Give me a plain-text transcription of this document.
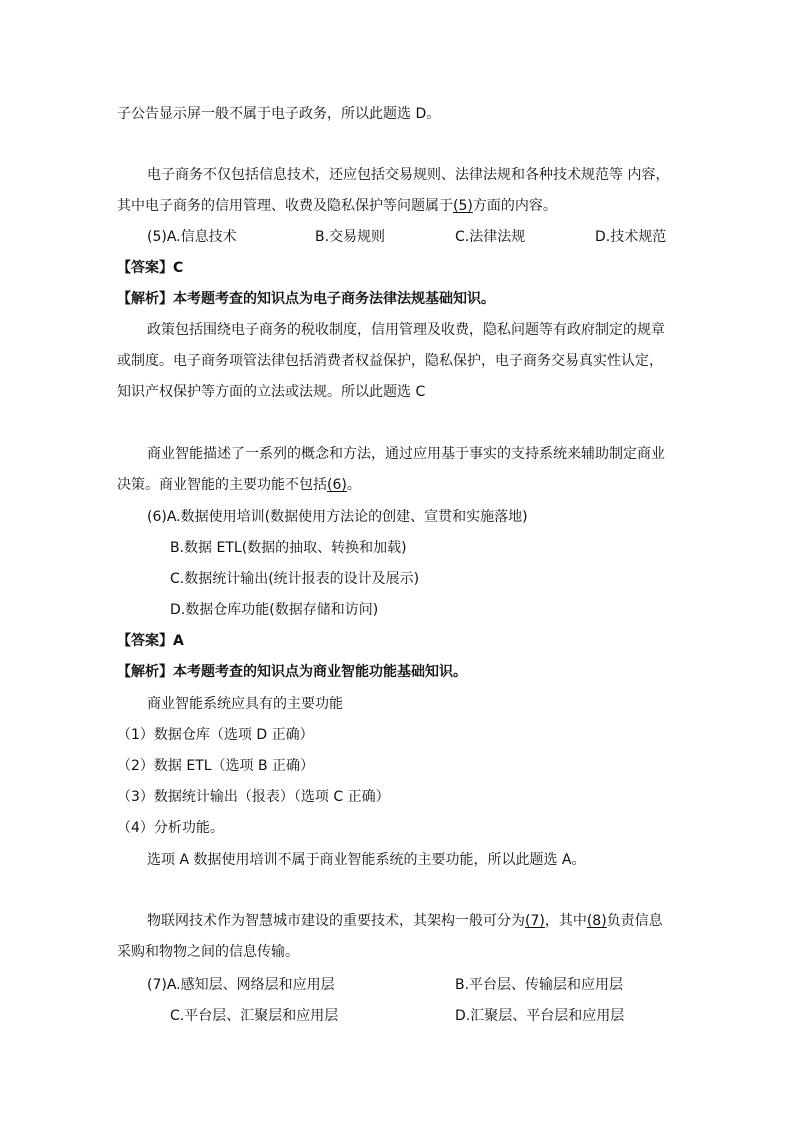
子公告显示屏一般不属于电子政务，所以此题选 D。
电子商务不仅包括信息技术，还应包括交易规则、法律法规和各种技术规范等 内容，
其中电子商务的信用管理、收费及隐私保护等问题属于(5)方面的内容。
(5)A.信息技术	B.交易规则	C.法律法规	D.技术规范
【答案】C
【解析】本考题考查的知识点为电子商务法律法规基础知识。
政策包括围绕电子商务的税收制度，信用管理及收费，隐私问题等有政府制定的规章
或制度。电子商务项管法律包括消费者权益保护，隐私保护，电子商务交易真实性认定，
知识产权保护等方面的立法或法规。所以此题选 C
商业智能描述了一系列的概念和方法，通过应用基于事实的支持系统来辅助制定商业
决策。商业智能的主要功能不包括(6)。
(6)A.数据使用培训(数据使用方法论的创建、宣贯和实施落地)
B.数据 ETL(数据的抽取、转换和加载)
C.数据统计输出(统计报表的设计及展示)
D.数据仓库功能(数据存储和访问)
【答案】A
【解析】本考题考查的知识点为商业智能功能基础知识。
商业智能系统应具有的主要功能
（1）数据仓库（选项 D 正确）
（2）数据 ETL（选项 B 正确）
（3）数据统计输出（报表）（选项 C 正确）
（4）分析功能。
选项 A 数据使用培训不属于商业智能系统的主要功能，所以此题选 A。
物联网技术作为智慧城市建设的重要技术，其架构一般可分为(7)，其中(8)负责信息
采购和物物之间的信息传输。
(7)A.感知层、网络层和应用层	B.平台层、传输层和应用层
C.平台层、汇聚层和应用层	D.汇聚层、平台层和应用层
